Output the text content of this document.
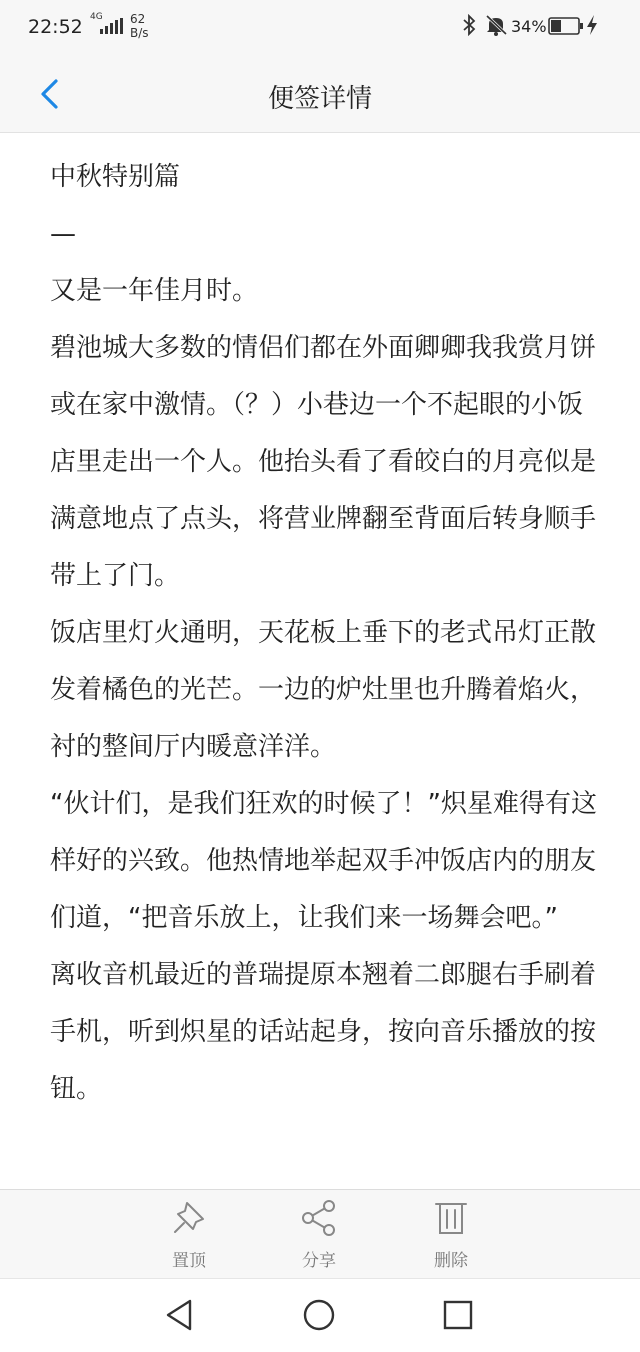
22:52 4G 62
B/s	34%
便签详情

中秋特别篇

—

又是一年佳月时。

碧池城大多数的情侣们都在外面卿卿我我赏月饼或在家中激情。（？）小巷边一个不起眼的小饭店里走出一个人。他抬头看了看皎白的月亮似是满意地点了点头，将营业牌翻至背面后转身顺手带上了门。

饭店里灯火通明，天花板上垂下的老式吊灯正散发着橘色的光芒。一边的炉灶里也升腾着焰火，衬的整间厅内暖意洋洋。

“伙计们，是我们狂欢的时候了！”炽星难得有这样好的兴致。他热情地举起双手冲饭店内的朋友们道，“把音乐放上，让我们来一场舞会吧。”

离收音机最近的普瑞提原本翘着二郎腿右手刷着手机，听到炽星的话站起身，按向音乐播放的按钮。

置顶	分享	删除
